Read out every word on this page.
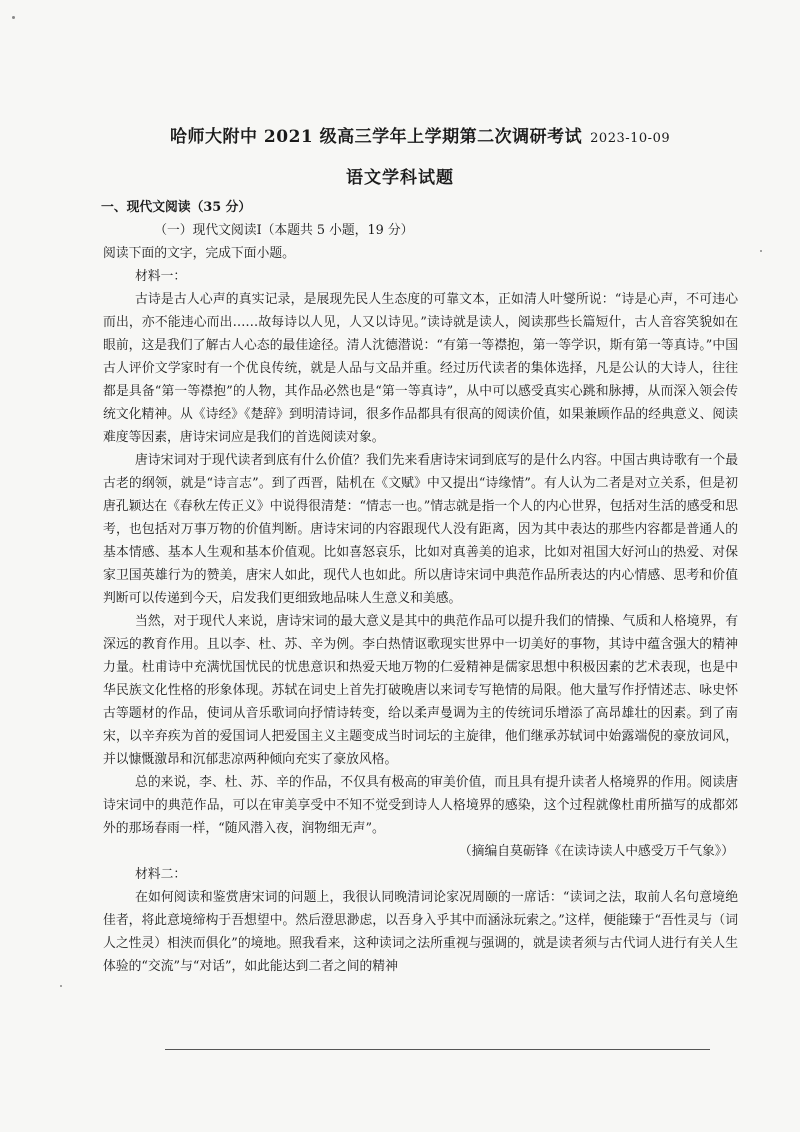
哈师大附中 2021 级高三学年上学期第二次调研考试 2023-10-09
语文学科试题

一、现代文阅读（35 分）

（一）现代文阅读Ⅰ（本题共 5 小题，19 分）

阅读下面的文字，完成下面小题。

材料一：

古诗是古人心声的真实记录，是展现先民人生态度的可靠文本，正如清人叶燮所说：“诗是心声，不可违心而出，亦不能违心而出……故每诗以人见，人又以诗见。”读诗就是读人，阅读那些长篇短什，古人音容笑貌如在眼前，这是我们了解古人心态的最佳途径。清人沈德潜说：“有第一等襟抱，第一等学识，斯有第一等真诗。”中国古人评价文学家时有一个优良传统，就是人品与文品并重。经过历代读者的集体选择，凡是公认的大诗人，往往都是具备“第一等襟抱”的人物，其作品必然也是“第一等真诗”，从中可以感受真实心跳和脉搏，从而深入领会传统文化精神。从《诗经》《楚辞》到明清诗词，很多作品都具有很高的阅读价值，如果兼顾作品的经典意义、阅读难度等因素，唐诗宋词应是我们的首选阅读对象。

唐诗宋词对于现代读者到底有什么价值？我们先来看唐诗宋词到底写的是什么内容。中国古典诗歌有一个最古老的纲领，就是“诗言志”。到了西晋，陆机在《文赋》中又提出“诗缘情”。有人认为二者是对立关系，但是初唐孔颖达在《春秋左传正义》中说得很清楚：“情志一也。”情志就是指一个人的内心世界，包括对生活的感受和思考，也包括对万事万物的价值判断。唐诗宋词的内容跟现代人没有距离，因为其中表达的那些内容都是普通人的基本情感、基本人生观和基本价值观。比如喜怒哀乐，比如对真善美的追求，比如对祖国大好河山的热爱、对保家卫国英雄行为的赞美，唐宋人如此，现代人也如此。所以唐诗宋词中典范作品所表达的内心情感、思考和价值判断可以传递到今天，启发我们更细致地品味人生意义和美感。

当然，对于现代人来说，唐诗宋词的最大意义是其中的典范作品可以提升我们的情操、气质和人格境界，有深远的教育作用。且以李、杜、苏、辛为例。李白热情讴歌现实世界中一切美好的事物，其诗中蕴含强大的精神力量。杜甫诗中充满忧国忧民的忧患意识和热爱天地万物的仁爱精神是儒家思想中积极因素的艺术表现，也是中华民族文化性格的形象体现。苏轼在词史上首先打破晚唐以来词专写艳情的局限。他大量写作抒情述志、咏史怀古等题材的作品，使词从音乐歌词向抒情诗转变，给以柔声曼调为主的传统词乐增添了高昂雄壮的因素。到了南宋，以辛弃疾为首的爱国词人把爱国主义主题变成当时词坛的主旋律，他们继承苏轼词中始露端倪的豪放词风，并以慷慨激昂和沉郁悲凉两种倾向充实了豪放风格。

总的来说，李、杜、苏、辛的作品，不仅具有极高的审美价值，而且具有提升读者人格境界的作用。阅读唐诗宋词中的典范作品，可以在审美享受中不知不觉受到诗人人格境界的感染，这个过程就像杜甫所描写的成都郊外的那场春雨一样，“随风潜入夜，润物细无声”。

（摘编自莫砺锋《在读诗读人中感受万千气象》）

材料二：

在如何阅读和鉴赏唐宋词的问题上，我很认同晚清词论家况周颐的一席话：“读词之法，取前人名句意境绝佳者，将此意境缔构于吾想望中。然后澄思渺虑，以吾身入乎其中而涵泳玩索之。”这样，便能臻于“吾性灵与（词人之性灵）相浃而俱化”的境地。照我看来，这种读词之法所重视与强调的，就是读者须与古代词人进行有关人生体验的“交流”与“对话”，如此能达到二者之间的精神
